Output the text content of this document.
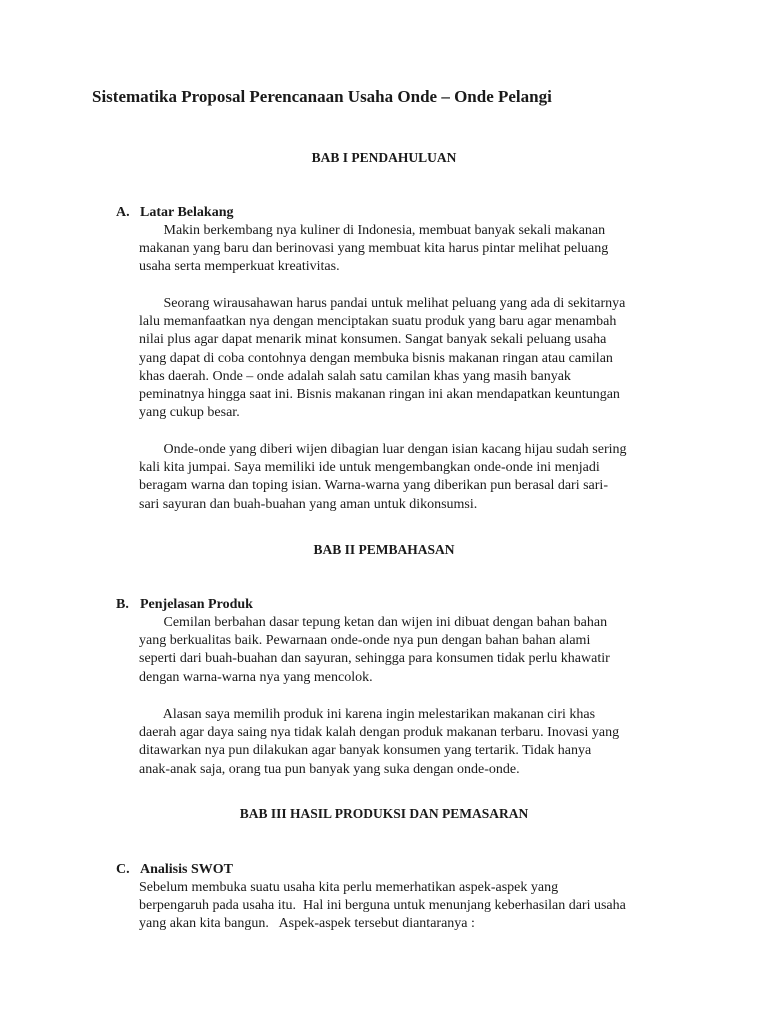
Sistematika Proposal Perencanaan Usaha Onde – Onde Pelangi
BAB I PENDAHULUAN
A. Latar Belakang
Makin berkembang nya kuliner di Indonesia, membuat banyak sekali makanan
makanan yang baru dan berinovasi yang membuat kita harus pintar melihat peluang
usaha serta memperkuat kreativitas.
Seorang wirausahawan harus pandai untuk melihat peluang yang ada di sekitarnya
lalu memanfaatkan nya dengan menciptakan suatu produk yang baru agar menambah
nilai plus agar dapat menarik minat konsumen. Sangat banyak sekali peluang usaha
yang dapat di coba contohnya dengan membuka bisnis makanan ringan atau camilan
khas daerah. Onde – onde adalah salah satu camilan khas yang masih banyak
peminatnya hingga saat ini. Bisnis makanan ringan ini akan mendapatkan keuntungan
yang cukup besar.
Onde-onde yang diberi wijen dibagian luar dengan isian kacang hijau sudah sering
kali kita jumpai. Saya memiliki ide untuk mengembangkan onde-onde ini menjadi
beragam warna dan toping isian. Warna-warna yang diberikan pun berasal dari sari-
sari sayuran dan buah-buahan yang aman untuk dikonsumsi.
BAB II PEMBAHASAN
B. Penjelasan Produk
Cemilan berbahan dasar tepung ketan dan wijen ini dibuat dengan bahan bahan
yang berkualitas baik. Pewarnaan onde-onde nya pun dengan bahan bahan alami
seperti dari buah-buahan dan sayuran, sehingga para konsumen tidak perlu khawatir
dengan warna-warna nya yang mencolok.
Alasan saya memilih produk ini karena ingin melestarikan makanan ciri khas
daerah agar daya saing nya tidak kalah dengan produk makanan terbaru. Inovasi yang
ditawarkan nya pun dilakukan agar banyak konsumen yang tertarik. Tidak hanya
anak-anak saja, orang tua pun banyak yang suka dengan onde-onde.
BAB III HASIL PRODUKSI DAN PEMASARAN
C. Analisis SWOT
Sebelum membuka suatu usaha kita perlu memerhatikan aspek-aspek yang
berpengaruh pada usaha itu.  Hal ini berguna untuk menunjang keberhasilan dari usaha
yang akan kita bangun.   Aspek-aspek tersebut diantaranya :
